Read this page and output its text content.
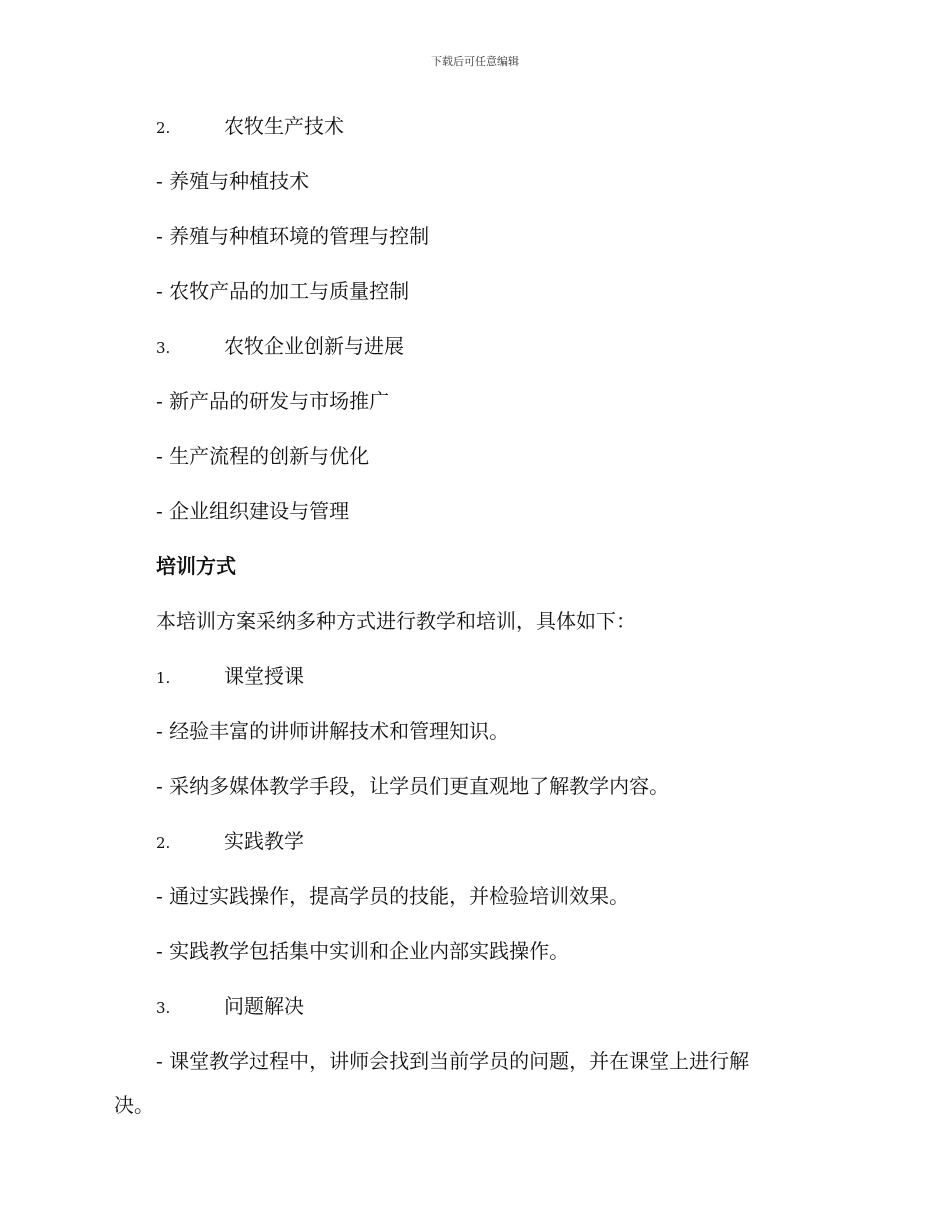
下载后可任意编辑
2.	农牧生产技术
- 养殖与种植技术
- 养殖与种植环境的管理与控制
- 农牧产品的加工与质量控制
3.	农牧企业创新与进展
- 新产品的研发与市场推广
- 生产流程的创新与优化
- 企业组织建设与管理
培训方式
本培训方案采纳多种方式进行教学和培训，具体如下：
1.	课堂授课
- 经验丰富的讲师讲解技术和管理知识。
- 采纳多媒体教学手段，让学员们更直观地了解教学内容。
2.	实践教学
- 通过实践操作，提高学员的技能，并检验培训效果。
- 实践教学包括集中实训和企业内部实践操作。
3.	问题解决
- 课堂教学过程中，讲师会找到当前学员的问题，并在课堂上进行解
决。
